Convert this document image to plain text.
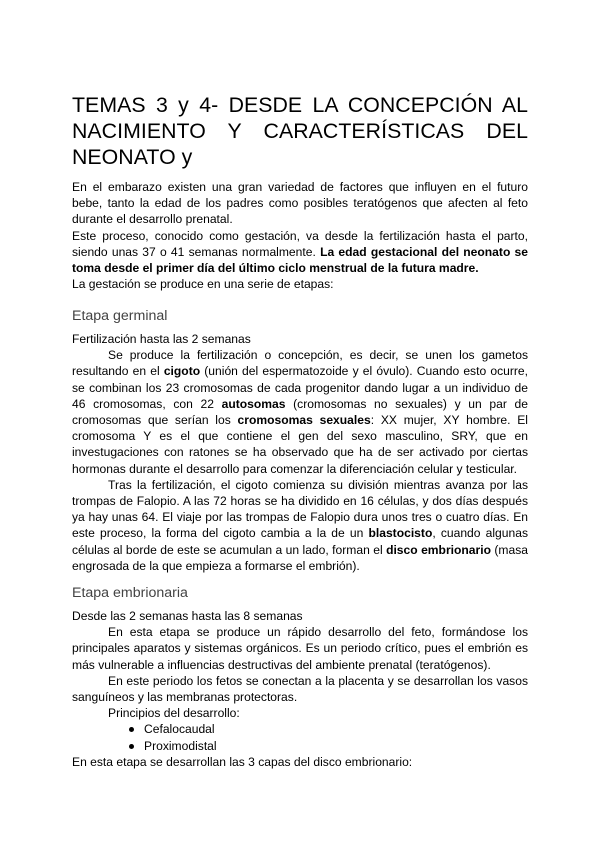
TEMAS 3 y 4- DESDE LA CONCEPCIÓN AL NACIMIENTO Y CARACTERÍSTICAS DEL NEONATO y

En el embarazo existen una gran variedad de factores que influyen en el futuro bebe, tanto la edad de los padres como posibles teratógenos que afecten al feto durante el desarrollo prenatal.

Este proceso, conocido como gestación, va desde la fertilización hasta el parto, siendo unas 37 o 41 semanas normalmente. La edad gestacional del neonato se toma desde el primer día del último ciclo menstrual de la futura madre.

La gestación se produce en una serie de etapas:

Etapa germinal

Fertilización hasta las 2 semanas

Se produce la fertilización o concepción, es decir, se unen los gametos resultando en el cigoto (unión del espermatozoide y el óvulo). Cuando esto ocurre, se combinan los 23 cromosomas de cada progenitor dando lugar a un individuo de 46 cromosomas, con 22 autosomas (cromosomas no sexuales) y un par de cromosomas que serían los cromosomas sexuales: XX mujer, XY hombre. El cromosoma Y es el que contiene el gen del sexo masculino, SRY, que en investugaciones con ratones se ha observado que ha de ser activado por ciertas hormonas durante el desarrollo para comenzar la diferenciación celular y testicular.

Tras la fertilización, el cigoto comienza su división mientras avanza por las trompas de Falopio. A las 72 horas se ha dividido en 16 células, y dos días después ya hay unas 64. El viaje por las trompas de Falopio dura unos tres o cuatro días. En este proceso, la forma del cigoto cambia a la de un blastocisto, cuando algunas células al borde de este se acumulan a un lado, forman el disco embrionario (masa engrosada de la que empieza a formarse el embrión).

Etapa embrionaria

Desde las 2 semanas hasta las 8 semanas

En esta etapa se produce un rápido desarrollo del feto, formándose los principales aparatos y sistemas orgánicos. Es un periodo crítico, pues el embrión es más vulnerable a influencias destructivas del ambiente prenatal (teratógenos).

En este periodo los fetos se conectan a la placenta y se desarrollan los vasos sanguíneos y las membranas protectoras.

Principios del desarrollo:

Cefalocaudal
Proximodistal

En esta etapa se desarrollan las 3 capas del disco embrionario:
